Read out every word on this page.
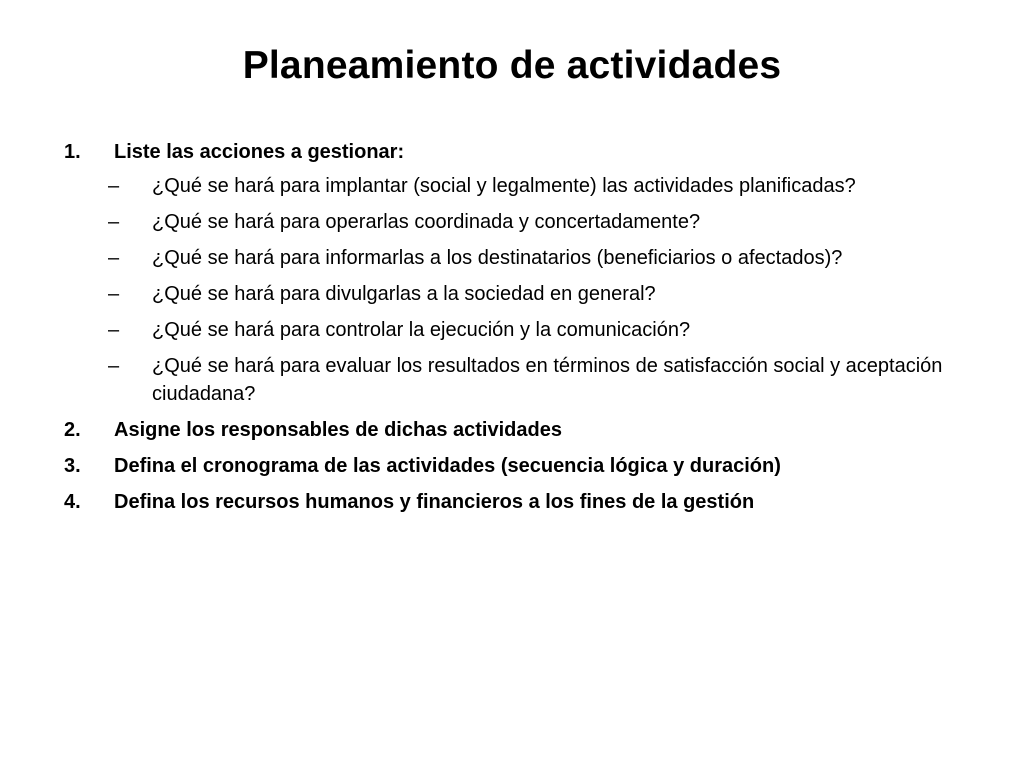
Planeamiento de actividades
1. Liste las acciones a gestionar:
– ¿Qué se hará para implantar (social y legalmente) las actividades planificadas?
– ¿Qué se hará para operarlas coordinada y concertadamente?
– ¿Qué se hará para informarlas a los destinatarios (beneficiarios o afectados)?
– ¿Qué se hará para divulgarlas a la sociedad en general?
– ¿Qué se hará para controlar la ejecución y la comunicación?
– ¿Qué se hará para evaluar los resultados en términos de satisfacción social y aceptación ciudadana?
2. Asigne los responsables de dichas actividades
3. Defina el cronograma de las actividades (secuencia lógica y duración)
4. Defina los recursos humanos y financieros a los fines de la gestión
